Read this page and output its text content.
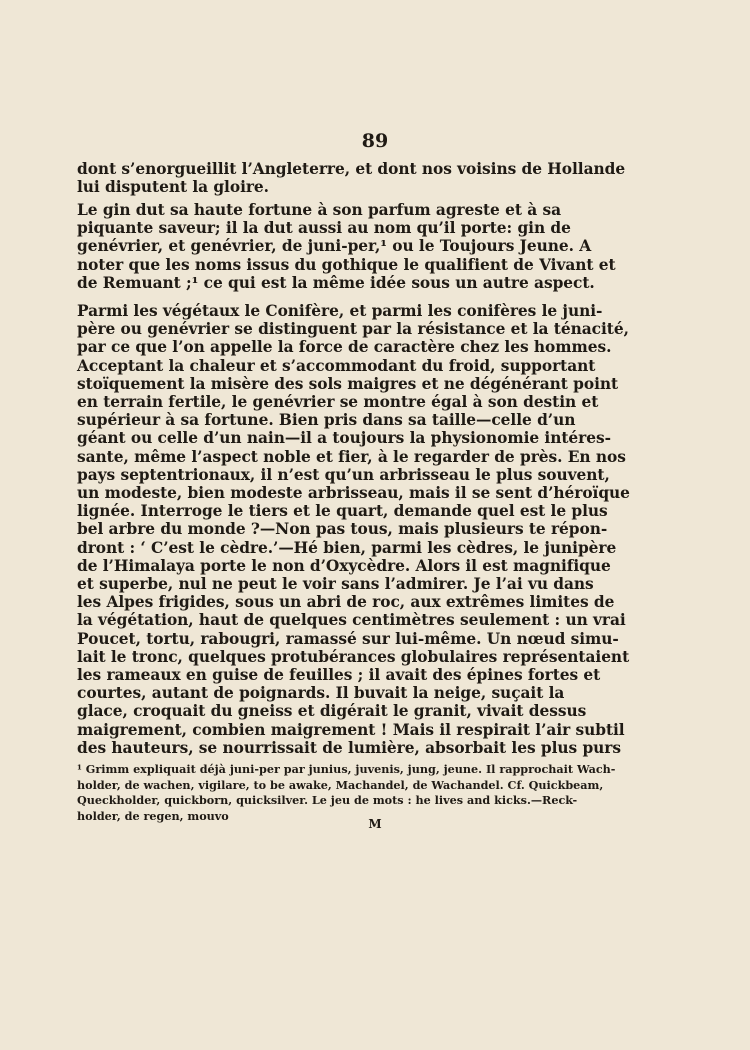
89
dont s’enorgueillit l’Angleterre, et dont nos voisins de Hollande
lui disputent la gloire.
Le gin dut sa haute fortune à son parfum agreste et à sa
piquante saveur; il la dut aussi au nom qu’il porte: gin de
genévrier, et genévrier, de juni-per,¹ ou le Toujours Jeune. A
noter que les noms issus du gothique le qualifient de Vivant et
de Remuant ;¹ ce qui est la même idée sous un autre aspect.
Parmi les végétaux le Conifère, et parmi les conifères le juni-
père ou genévrier se distinguent par la résistance et la ténacité,
par ce que l’on appelle la force de caractère chez les hommes.
Acceptant la chaleur et s’accommodant du froid, supportant
stoïquement la misère des sols maigres et ne dégénérant point
en terrain fertile, le genévrier se montre égal à son destin et
supérieur à sa fortune. Bien pris dans sa taille—celle d’un
géant ou celle d’un nain—il a toujours la physionomie intéres-
sante, même l’aspect noble et fier, à le regarder de près. En nos
pays septentrionaux, il n’est qu’un arbrisseau le plus souvent,
un modeste, bien modeste arbrisseau, mais il se sent d’héroïque
lignée. Interroge le tiers et le quart, demande quel est le plus
bel arbre du monde ?—Non pas tous, mais plusieurs te répon-
dront : ‘ C’est le cèdre.’—Hé bien, parmi les cèdres, le junipère
de l’Himalaya porte le non d’Oxycèdre. Alors il est magnifique
et superbe, nul ne peut le voir sans l’admirer. Je l’ai vu dans
les Alpes frigides, sous un abri de roc, aux extrêmes limites de
la végétation, haut de quelques centimètres seulement : un vrai
Poucet, tortu, rabougri, ramassé sur lui-même. Un nœud simu-
lait le tronc, quelques protubérances globulaires représentaient
les rameaux en guise de feuilles ; il avait des épines fortes et
courtes, autant de poignards. Il buvait la neige, suçait la
glace, croquait du gneiss et digérait le granit, vivait dessus
maigrement, combien maigrement ! Mais il respirait l’air subtil
des hauteurs, se nourrissait de lumière, absorbait les plus purs
¹ Grimm expliquait déjà juni-per par junius, juvenis, jung, jeune. Il rapprochait Wach-
holder, de wachen, vigilare, to be awake, Machandel, de Wachandel. Cf. Quickbeam,
Queckholder, quickborn, quicksilver. Le jeu de mots : he lives and kicks.—Reck-
holder, de regen, mouvo
M
